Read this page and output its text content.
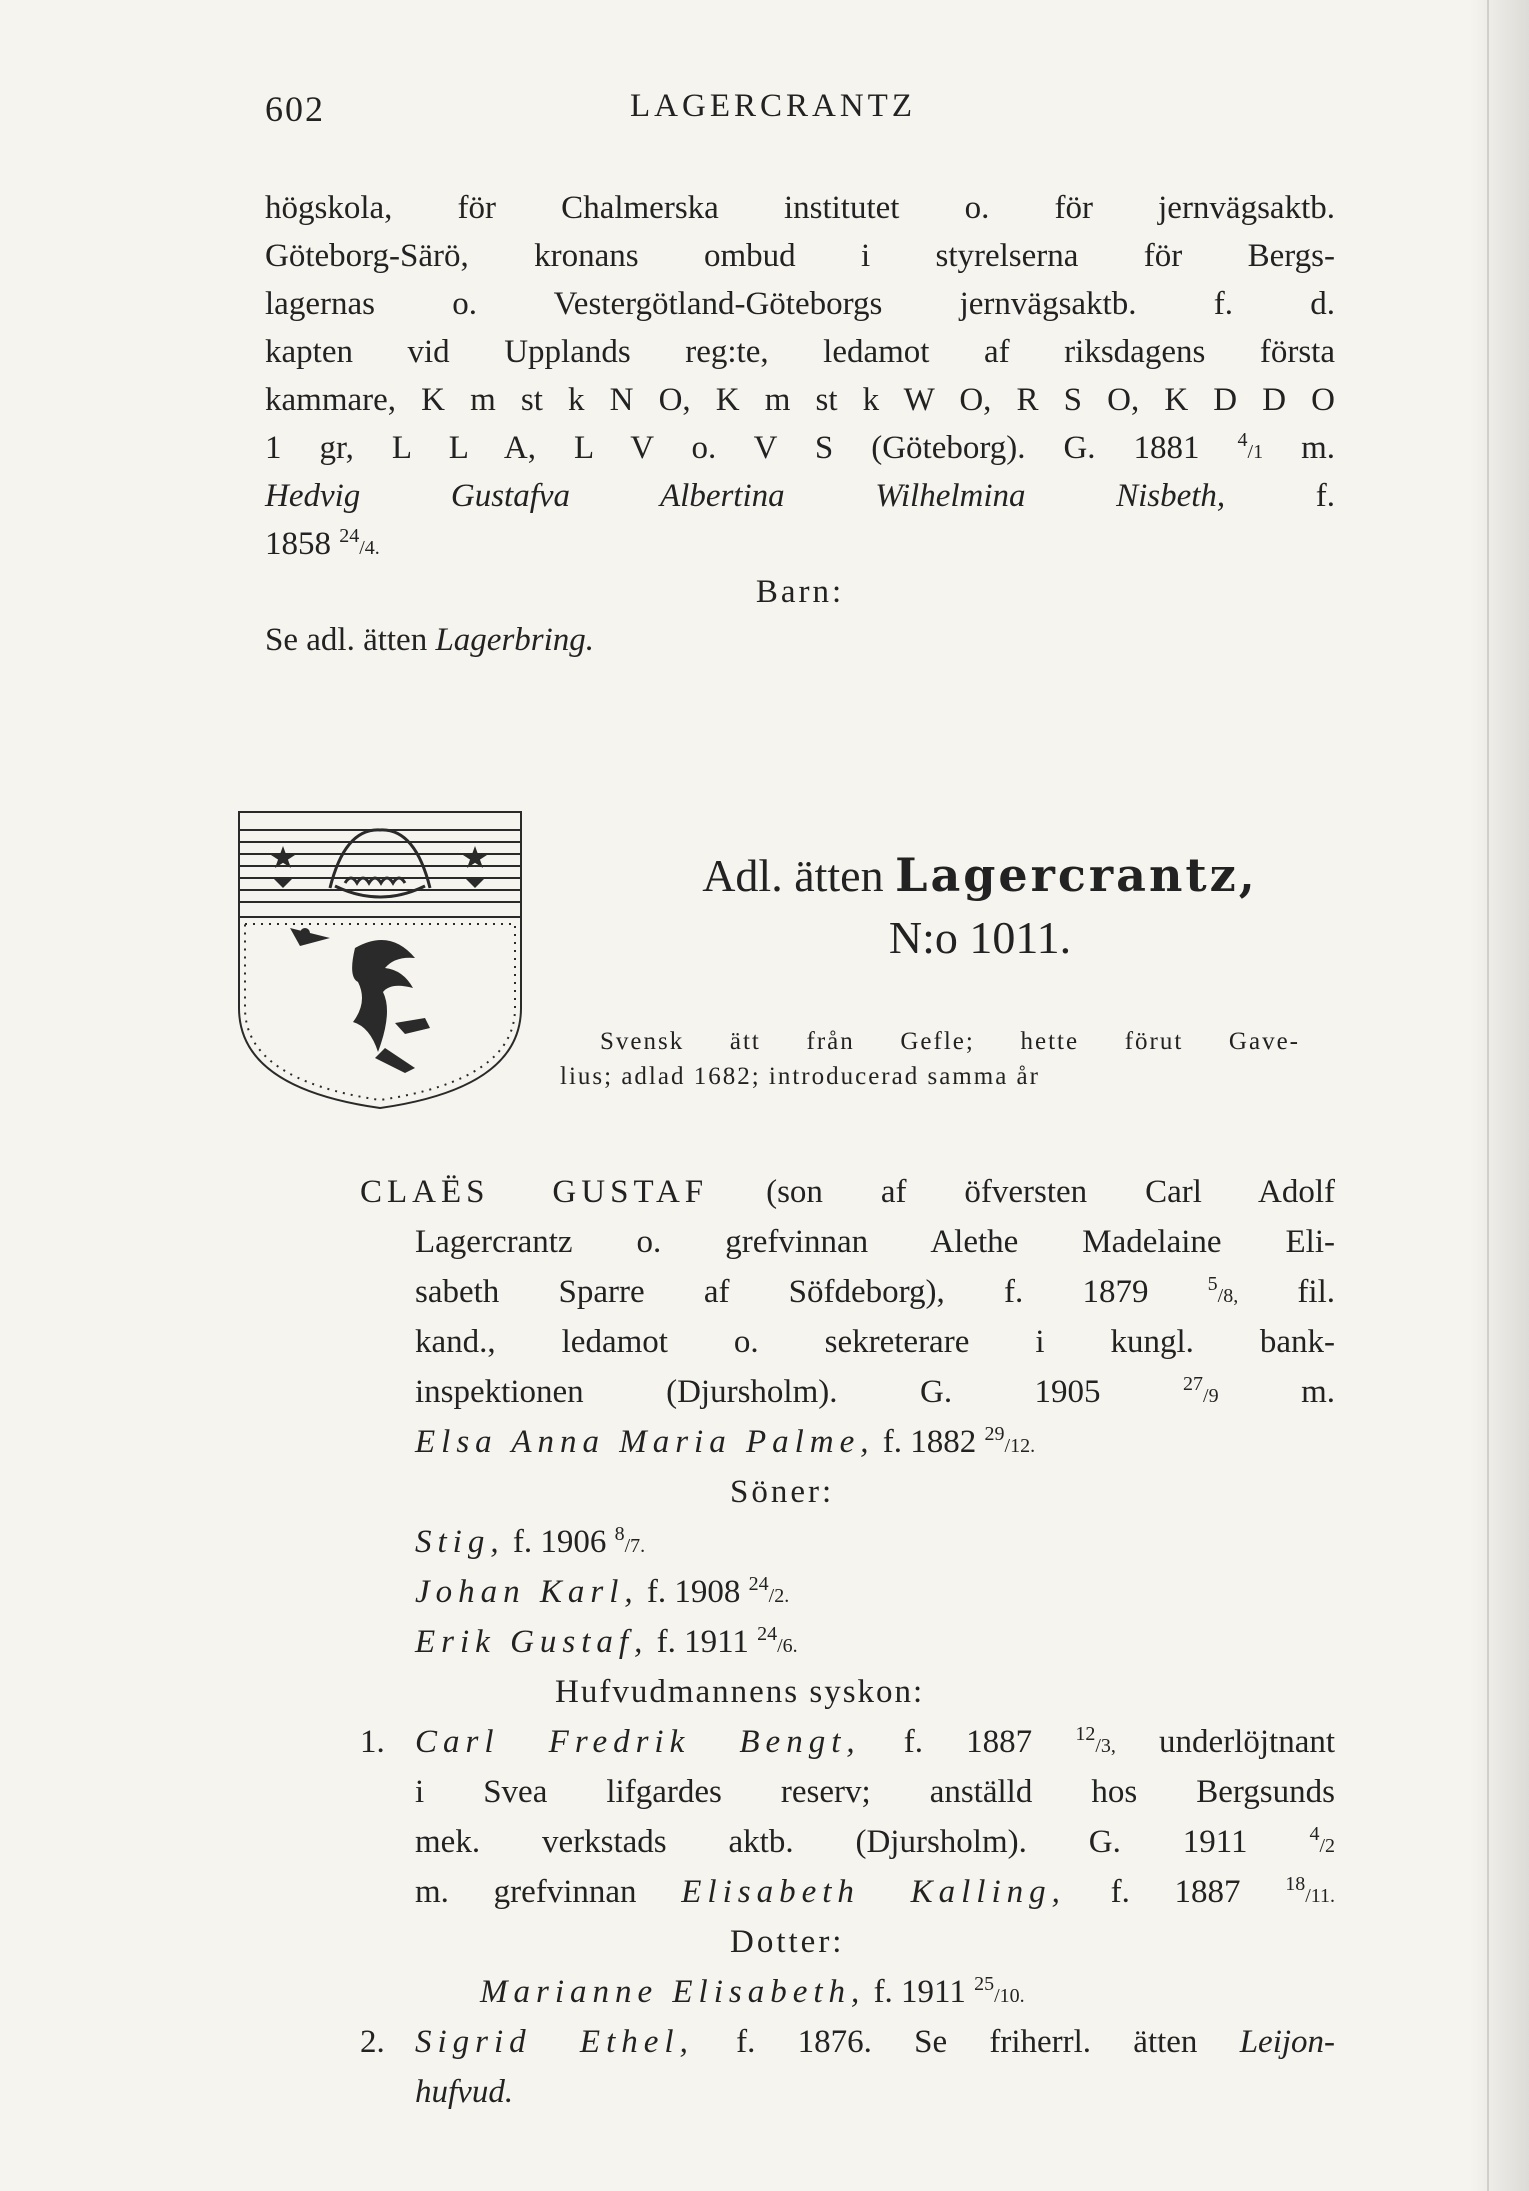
602	LAGERCRANTZ
högskola, för Chalmerska institutet o. för jernvägsaktb.
Göteborg-Särö, kronans ombud i styrelserna för Bergs-
lagernas o. Vestergötland-Göteborgs jernvägsaktb. f. d.
kapten vid Upplands reg:te, ledamot af riksdagens första
kammare, K m st k N O, K m st k W O, R S O, K D D O
1 gr, L L A, L V o. V S (Göteborg). G. 1881 $^4$/1 m.
Hedvig Gustafva Albertina Wilhelmina Nisbeth,	f.
1858 $^{24}$/4.
Barn:
Se adl. ätten Lagerbring.
Adl. ätten Lagercrantz,
N:o 1011.
Svensk ätt från Gefle; hette förut Gave-
lius; adlad 1682; introducerad samma år
CLAËS GUSTAF (son af öfversten Carl Adolf
Lagercrantz o. grefvinnan Alethe Madelaine Eli-
sabeth Sparre af Söfdeborg), f. 1879	$^5$/8, fil.
kand., ledamot o. sekreterare i kungl. bank-
inspektionen (Djursholm). G. 1905	$^{27}$/9 m.
Elsa Anna Maria Palme, f. 1882 $^{29}$/12.
Söner:
Stig, f. 1906 $^8$/7.
Johan Karl, f. 1908 $^{24}$/2.
Erik Gustaf, f. 1911 $^{24}$/6.
Hufvudmannens syskon:
1. Carl Fredrik Bengt, f. 1887 $^{12}$/3, underlöjtnant
i Svea lifgardes reserv; anställd hos Bergsunds
mek. verkstads aktb. (Djursholm). G. 1911	$^4$/2
m. grefvinnan Elisabeth Kalling, f. 1887 $^{18}$/11.
Dotter:
Marianne Elisabeth, f. 1911 $^{25}$/10.
2. Sigrid Ethel, f. 1876. Se friherrl. ätten Leijon-
hufvud.
